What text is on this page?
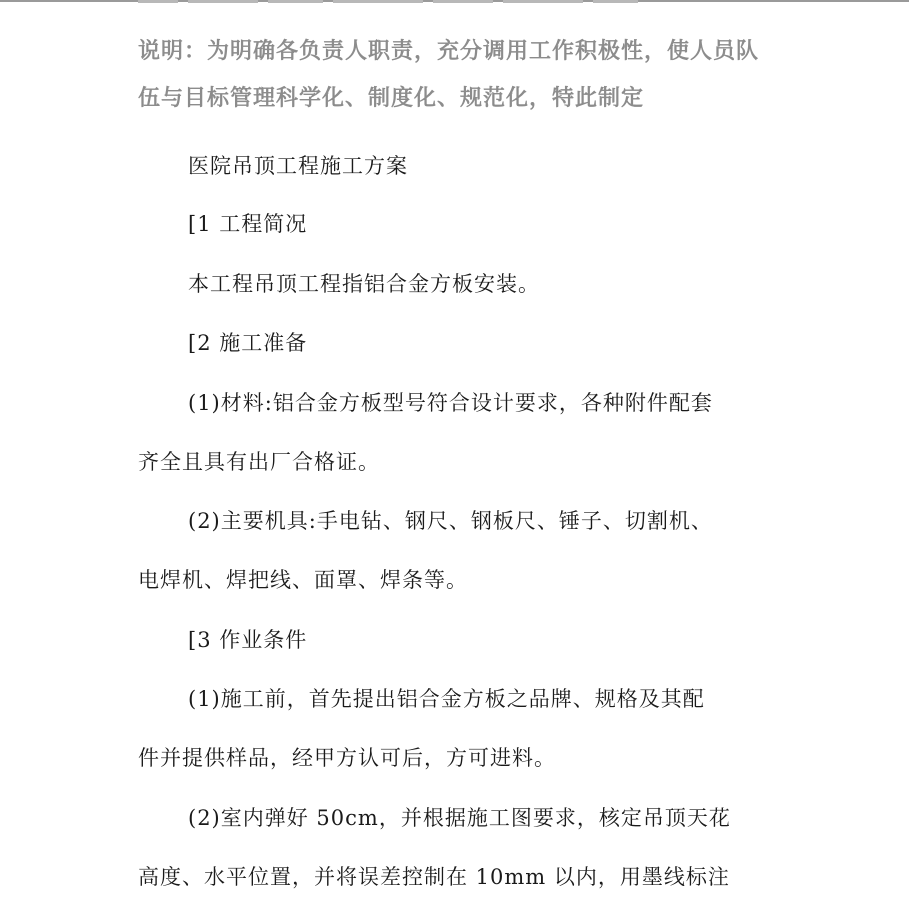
说明：为明确各负责人职责，充分调用工作积极性，使人员队伍与目标管理科学化、制度化、规范化，特此制定
医院吊顶工程施工方案
[1 工程简况
本工程吊顶工程指铝合金方板安装。
[2 施工准备
(1)材料:铝合金方板型号符合设计要求，各种附件配套
齐全且具有出厂合格证。
(2)主要机具:手电钻、钢尺、钢板尺、锤子、切割机、
电焊机、焊把线、面罩、焊条等。
[3 作业条件
(1)施工前，首先提出铝合金方板之品牌、规格及其配
件并提供样品，经甲方认可后，方可进料。
(2)室内弹好 50cm，并根据施工图要求，核定吊顶天花
高度、水平位置，并将误差控制在 10mm 以内，用墨线标注
